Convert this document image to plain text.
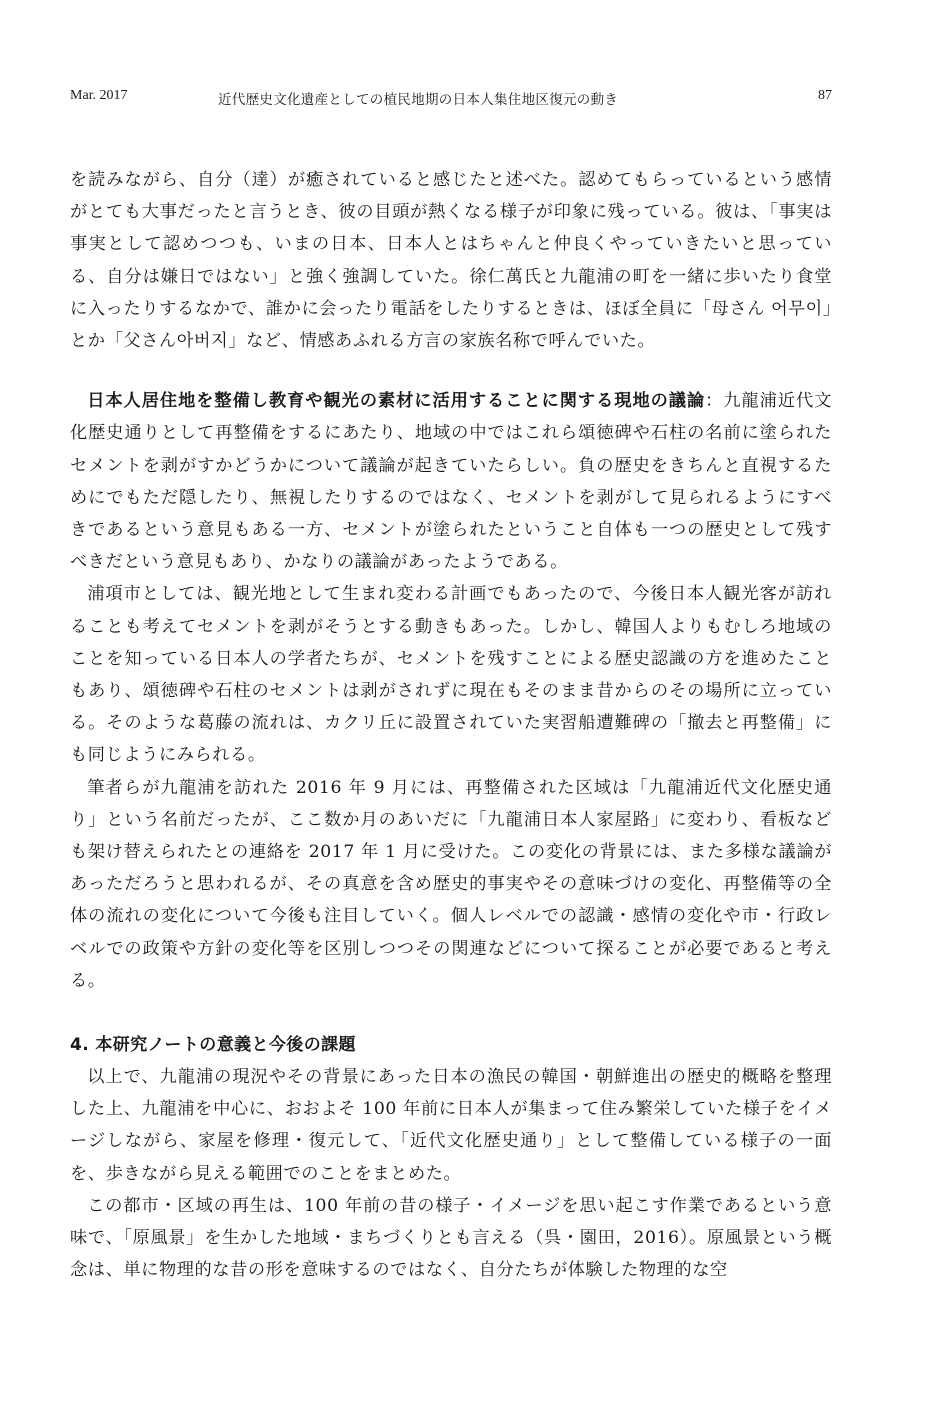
Mar. 2017	近代歴史文化遺産としての植民地期の日本人集住地区復元の動き	87

を読みながら、自分（達）が癒されていると感じたと述べた。認めてもらっているという感情がとても大事だったと言うとき、彼の目頭が熱くなる様子が印象に残っている。彼は、「事実は事実として認めつつも、いまの日本、日本人とはちゃんと仲良くやっていきたいと思っている、自分は嫌日ではない」と強く強調していた。徐仁萬氏と九龍浦の町を一緒に歩いたり食堂に入ったりするなかで、誰かに会ったり電話をしたりするときは、ほぼ全員に「母さん 어무이」とか「父さん아버지」など、情感あふれる方言の家族名称で呼んでいた。

日本人居住地を整備し教育や観光の素材に活用することに関する現地の議論：九龍浦近代文化歴史通りとして再整備をするにあたり、地域の中ではこれら頌徳碑や石柱の名前に塗られたセメントを剥がすかどうかについて議論が起きていたらしい。負の歴史をきちんと直視するためにでもただ隠したり、無視したりするのではなく、セメントを剥がして見られるようにすべきであるという意見もある一方、セメントが塗られたということ自体も一つの歴史として残すべきだという意見もあり、かなりの議論があったようである。

浦項市としては、観光地として生まれ変わる計画でもあったので、今後日本人観光客が訪れることも考えてセメントを剥がそうとする動きもあった。しかし、韓国人よりもむしろ地域のことを知っている日本人の学者たちが、セメントを残すことによる歴史認識の方を進めたこともあり、頌徳碑や石柱のセメントは剥がされずに現在もそのまま昔からのその場所に立っている。そのような葛藤の流れは、カクリ丘に設置されていた実習船遭難碑の「撤去と再整備」にも同じようにみられる。

筆者らが九龍浦を訪れた 2016 年 9 月には、再整備された区域は「九龍浦近代文化歴史通り」という名前だったが、ここ数か月のあいだに「九龍浦日本人家屋路」に変わり、看板なども架け替えられたとの連絡を 2017 年 1 月に受けた。この変化の背景には、また多様な議論があっただろうと思われるが、その真意を含め歴史的事実やその意味づけの変化、再整備等の全体の流れの変化について今後も注目していく。個人レベルでの認識・感情の変化や市・行政レベルでの政策や方針の変化等を区別しつつその関連などについて探ることが必要であると考える。

4. 本研究ノートの意義と今後の課題

以上で、九龍浦の現況やその背景にあった日本の漁民の韓国・朝鮮進出の歴史的概略を整理した上、九龍浦を中心に、おおよそ 100 年前に日本人が集まって住み繁栄していた様子をイメージしながら、家屋を修理・復元して、「近代文化歴史通り」として整備している様子の一面を、歩きながら見える範囲でのことをまとめた。

この都市・区域の再生は、100 年前の昔の様子・イメージを思い起こす作業であるという意味で、「原風景」を生かした地域・まちづくりとも言える（呉・園田，2016）。原風景という概念は、単に物理的な昔の形を意味するのではなく、自分たちが体験した物理的な空
